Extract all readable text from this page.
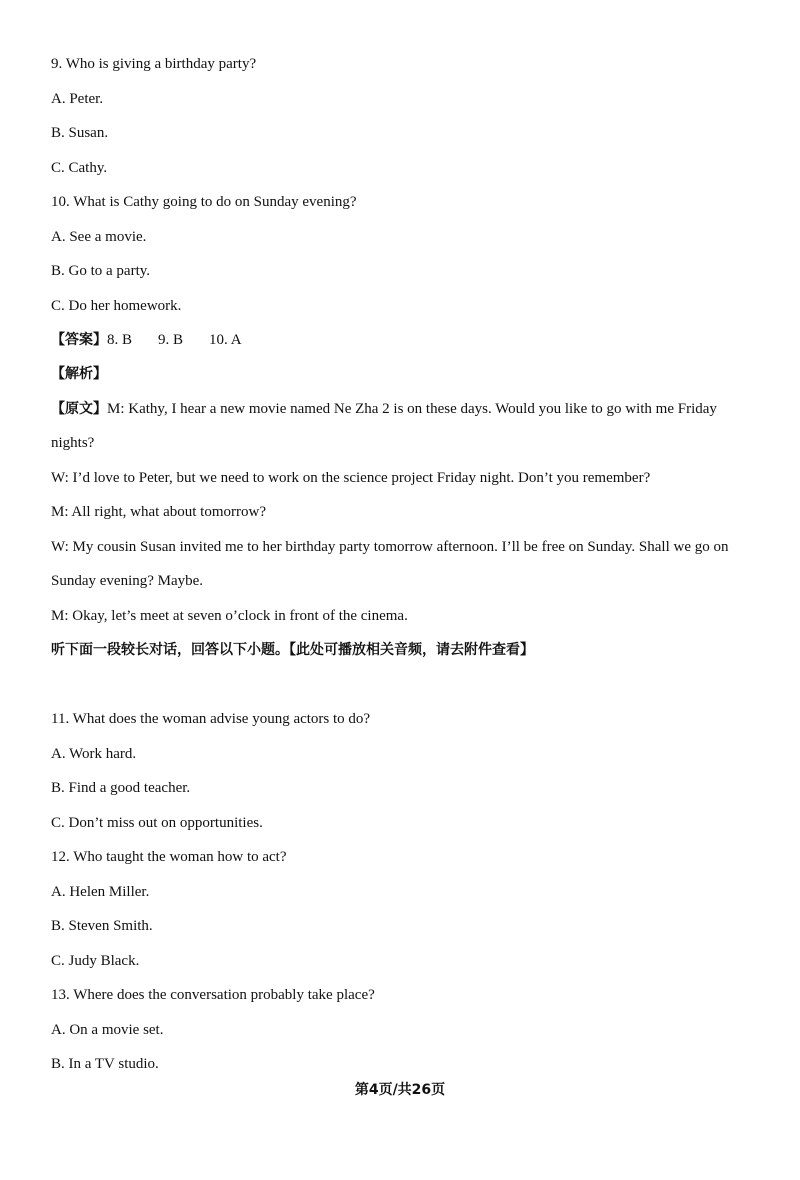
9. Who is giving a birthday party?
A. Peter.
B. Susan.
C. Cathy.
10. What is Cathy going to do on Sunday evening?
A. See a movie.
B. Go to a party.
C. Do her homework.
【答案】8. B 9. B 10. A
【解析】
【原文】M: Kathy, I hear a new movie named Ne Zha 2 is on these days. Would you like to go with me Friday
nights?
W: I’d love to Peter, but we need to work on the science project Friday night. Don’t you remember?
M: All right, what about tomorrow?
W: My cousin Susan invited me to her birthday party tomorrow afternoon. I’ll be free on Sunday. Shall we go on
Sunday evening? Maybe.
M: Okay, let’s meet at seven o’clock in front of the cinema.
听下面一段较长对话，回答以下小题。【此处可播放相关音频，请去附件查看】
11. What does the woman advise young actors to do?
A. Work hard.
B. Find a good teacher.
C. Don’t miss out on opportunities.
12. Who taught the woman how to act?
A. Helen Miller.
B. Steven Smith.
C. Judy Black.
13. Where does the conversation probably take place?
A. On a movie set.
B. In a TV studio.
第4页/共26页
